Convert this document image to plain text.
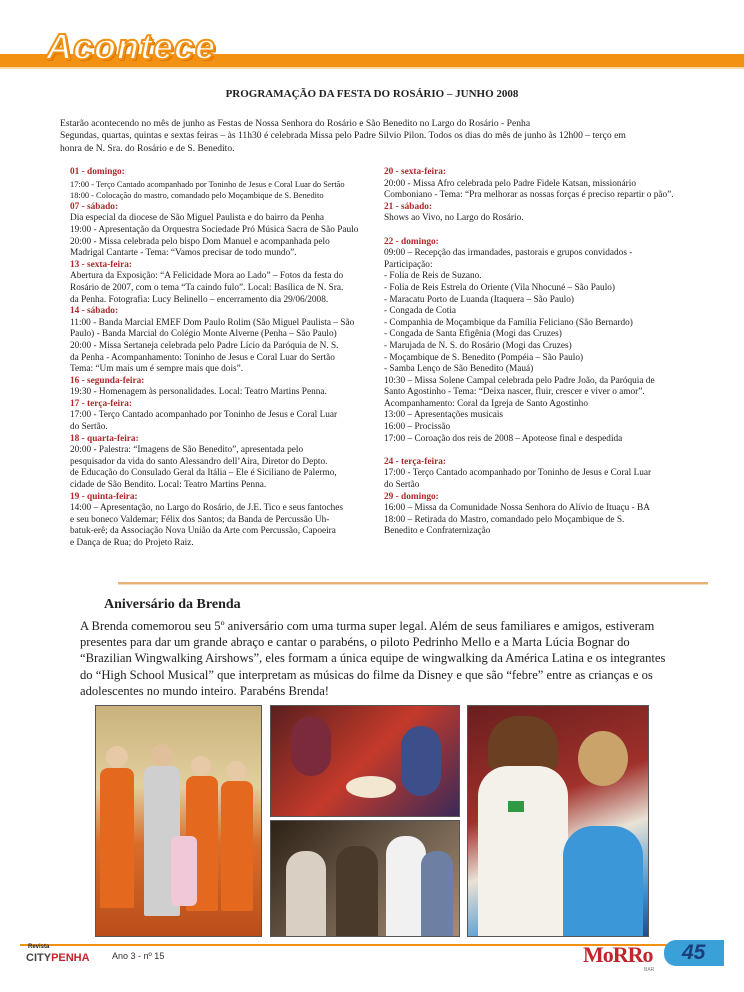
Acontece
PROGRAMAÇÃO DA FESTA DO ROSÁRIO – JUNHO 2008
Estarão acontecendo no mês de junho as Festas de Nossa Senhora do Rosário e São Benedito no Largo do Rosário - Penha
Segundas, quartas, quintas e sextas feiras – às 11h30 é celebrada Missa pelo Padre Silvio Pilon. Todos os dias do mês de junho às 12h00 – terço em
honra de N. Sra. do Rosário e de S. Benedito.
01 - domingo:
17:00 - Terço Cantado acompanhado por Toninho de Jesus e Coral Luar do Sertão
18:00 - Colocação do mastro, comandado pelo Moçambique de S. Benedito
07 - sábado:
Dia especial da diocese de São Miguel Paulista e do bairro da Penha
19:00 - Apresentação da Orquestra Sociedade Pró Música Sacra de São Paulo
20:00 - Missa celebrada pelo bispo Dom Manuel e acompanhada pelo
Madrigal Cantarte - Tema: “Vamos precisar de todo mundo”.
13 - sexta-feira:
Abertura da Exposição: “A Felicidade Mora ao Lado” – Fotos da festa do
Rosário de 2007, com o tema “Ta caindo fulo”. Local: Basílica de N. Sra.
da Penha. Fotografia: Lucy Belinello – encerramento dia 29/06/2008.
14 - sábado:
11:00 - Banda Marcial EMEF Dom Paulo Rolim (São Miguel Paulista – São
Paulo) - Banda Marcial do Colégio Monte Alverne (Penha – São Paulo)
20:00 - Missa Sertaneja celebrada pelo Padre Lício da Paróquia de N. S.
da Penha - Acompanhamento: Toninho de Jesus e Coral Luar do Sertão
Tema: “Um mais um é sempre mais que dois”.
16 - segunda-feira:
19:30 - Homenagem às personalidades. Local: Teatro Martins Penna.
17 - terça-feira:
17:00 - Terço Cantado acompanhado por Toninho de Jesus e Coral Luar
do Sertão.
18 - quarta-feira:
20:00 - Palestra: “Imagens de São Benedito”, apresentada pelo
pesquisador da vida do santo Alessandro dell’Aira, Diretor do Depto.
de Educação do Consulado Geral da Itália – Ele é Siciliano de Palermo,
cidade de São Bendito. Local: Teatro Martins Penna.
19 - quinta-feira:
14:00 – Apresentação, no Largo do Rosário, de J.E. Tico e seus fantoches
e seu boneco Valdemar; Félix dos Santos; da Banda de Percussão Uh-
batuk-erê; da Associação Nova União da Arte com Percussão, Capoeira
e Dança de Rua; do Projeto Raiz.
20 - sexta-feira:
20:00 - Missa Afro celebrada pelo Padre Fidele Katsan, missionário
Comboniano - Tema: “Pra melhorar as nossas forças é preciso repartir o pão”.
21 - sábado:
Shows ao Vivo, no Largo do Rosário.
22 - domingo:
09:00 – Recepção das irmandades, pastorais e grupos convidados -
Participação:
- Folia de Reis de Suzano.
- Folia de Reis Estrela do Oriente (Vila Nhocuné – São Paulo)
- Maracatu Porto de Luanda (Itaquera – São Paulo)
- Congada de Cotia
- Companhia de Moçambique da Família Feliciano (São Bernardo)
- Congada de Santa Efigênia (Mogi das Cruzes)
- Marujada de N. S. do Rosário (Mogi das Cruzes)
- Moçambique de S. Benedito (Pompéia – São Paulo)
- Samba Lenço de São Benedito (Mauá)
10:30 – Missa Solene Campal celebrada pelo Padre João, da Paróquia de
Santo Agostinho - Tema: “Deixa nascer, fluir, crescer e viver o amor”.
Acompanhamento: Coral da Igreja de Santo Agostinho
13:00 – Apresentações musicais
16:00 – Procissão
17:00 – Coroação dos reis de 2008 – Apoteose final e despedida
24 - terça-feira:
17:00 - Terço Cantado acompanhado por Toninho de Jesus e Coral Luar
do Sertão
29 - domingo:
16:00 – Missa da Comunidade Nossa Senhora do Alívio de Ituaçu - BA
18:00 – Retirada do Mastro, comandado pelo Moçambique de S.
Benedito e Confraternização
Aniversário da Brenda
A Brenda comemorou seu 5º aniversário com uma turma super legal. Além de seus familiares e amigos, estiveram
presentes para dar um grande abraço e cantar o parabéns, o piloto Pedrinho Mello e a Marta Lúcia Bognar do
“Brazilian Wingwalking Airshows”, eles formam a única equipe de wingwalking da América Latina e os integrantes
do “High School Musical” que interpretam as músicas do filme da Disney e que são “febre” entre as crianças e os
adolescentes no mundo inteiro. Parabéns Brenda!
Revista
CITYPENHA Ano 3 - nº 15	MoRRo
BAR
45
